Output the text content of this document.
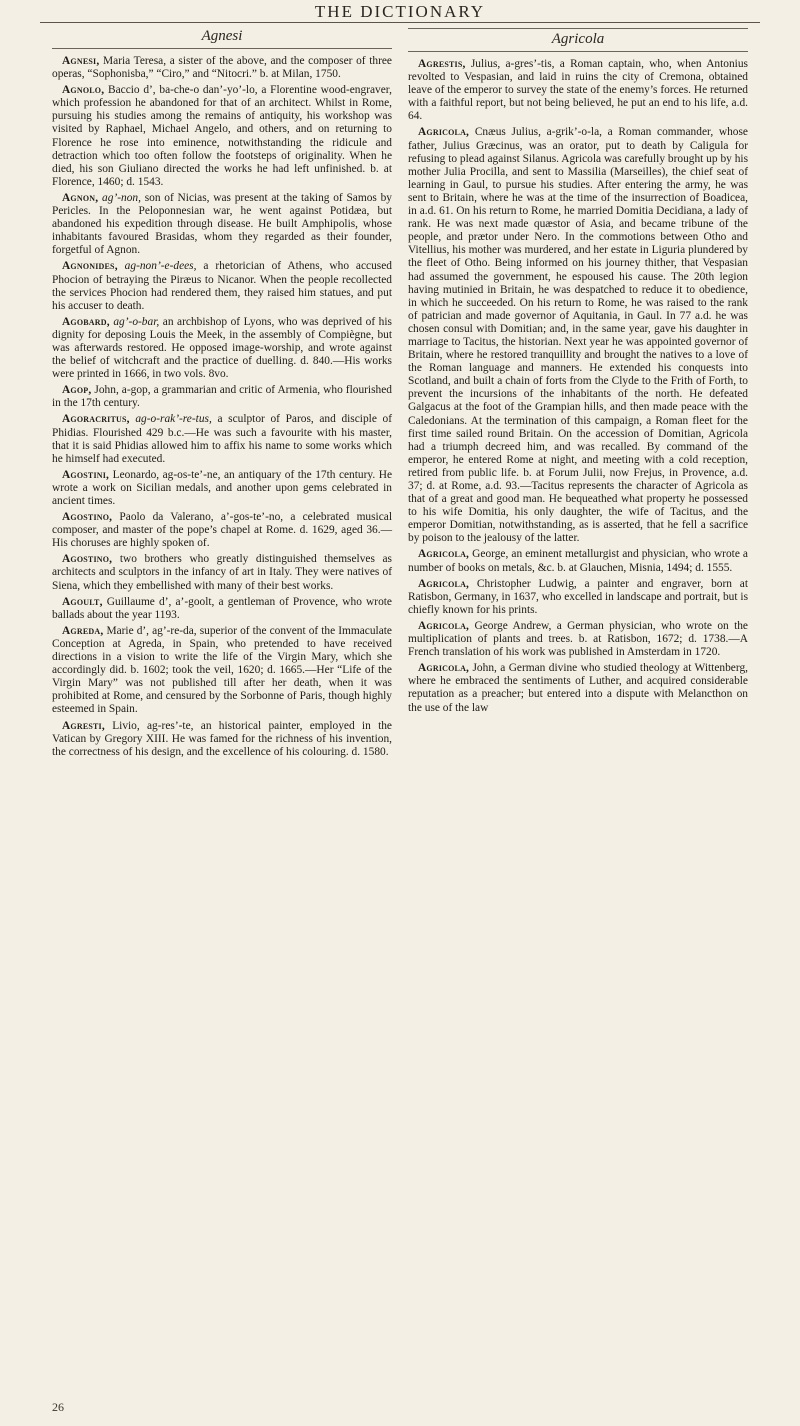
THE DICTIONARY
Agnesi

Agnesi, Maria Teresa, a sister of the above, and the composer of three operas, “Sophonisba,” “Ciro,” and “Nitocri.” b. at Milan, 1750.

Agnolo, Baccio d’, ba-che-o dan’-yo’-lo, a Florentine wood-engraver, which profession he abandoned for that of an architect. Whilst in Rome, pursuing his studies among the remains of antiquity, his workshop was visited by Raphael, Michael Angelo, and others, and on returning to Florence he rose into eminence, notwithstanding the ridicule and detraction which too often follow the footsteps of originality. When he died, his son Giuliano directed the works he had left unfinished. b. at Florence, 1460; d. 1543.

Agnon, ag’-non, son of Nicias, was present at the taking of Samos by Pericles. In the Peloponnesian war, he went against Potidæa, but abandoned his expedition through disease. He built Amphipolis, whose inhabitants favoured Brasidas, whom they regarded as their founder, forgetful of Agnon.

Agnonides, ag-non’-e-dees, a rhetorician of Athens, who accused Phocion of betraying the Piræus to Nicanor. When the people recollected the services Phocion had rendered them, they raised him statues, and put his accuser to death.

Agobard, ag’-o-bar, an archbishop of Lyons, who was deprived of his dignity for deposing Louis the Meek, in the assembly of Compiègne, but was afterwards restored. He opposed image-worship, and wrote against the belief of witchcraft and the practice of duelling. d. 840.—His works were printed in 1666, in two vols. 8vo.

Agop, John, a-gop, a grammarian and critic of Armenia, who flourished in the 17th century.

Agoracritus, ag-o-rak’-re-tus, a sculptor of Paros, and disciple of Phidias. Flourished 429 b.c.—He was such a favourite with his master, that it is said Phidias allowed him to affix his name to some works which he himself had executed.

Agostini, Leonardo, ag-os-te’-ne, an antiquary of the 17th century. He wrote a work on Sicilian medals, and another upon gems celebrated in ancient times.

Agostino, Paolo da Valerano, a’-gos-te’-no, a celebrated musical composer, and master of the pope’s chapel at Rome. d. 1629, aged 36.—His choruses are highly spoken of.

Agostino, two brothers who greatly distinguished themselves as architects and sculptors in the infancy of art in Italy. They were natives of Siena, which they embellished with many of their best works.

Agoult, Guillaume d’, a’-goolt, a gentleman of Provence, who wrote ballads about the year 1193.

Agreda, Marie d’, ag’-re-da, superior of the convent of the Immaculate Conception at Agreda, in Spain, who pretended to have received directions in a vision to write the life of the Virgin Mary, which she accordingly did. b. 1602; took the veil, 1620; d. 1665.—Her “Life of the Virgin Mary” was not published till after her death, when it was prohibited at Rome, and censured by the Sorbonne of Paris, though highly esteemed in Spain.

Agresti, Livio, ag-res’-te, an historical painter, employed in the Vatican by Gregory XIII. He was famed for the richness of his invention, the correctness of his design, and the excellence of his colouring. d. 1580.

Agricola

Agrestis, Julius, a-gres’-tis, a Roman captain, who, when Antonius revolted to Vespasian, and laid in ruins the city of Cremona, obtained leave of the emperor to survey the state of the enemy’s forces. He returned with a faithful report, but not being believed, he put an end to his life, a.d. 64.

Agricola, Cnæus Julius, a-grik’-o-la, a Roman commander, whose father, Julius Græcinus, was an orator, put to death by Caligula for refusing to plead against Silanus. Agricola was carefully brought up by his mother Julia Procilla, and sent to Massilia (Marseilles), the chief seat of learning in Gaul, to pursue his studies. After entering the army, he was sent to Britain, where he was at the time of the insurrection of Boadicea, in a.d. 61. On his return to Rome, he married Domitia Decidiana, a lady of rank. He was next made quæstor of Asia, and became tribune of the people, and prætor under Nero. In the commotions between Otho and Vitellius, his mother was murdered, and her estate in Liguria plundered by the fleet of Otho. Being informed on his journey thither, that Vespasian had assumed the government, he espoused his cause. The 20th legion having mutinied in Britain, he was despatched to reduce it to obedience, in which he succeeded. On his return to Rome, he was raised to the rank of patrician and made governor of Aquitania, in Gaul. In 77 a.d. he was chosen consul with Domitian; and, in the same year, gave his daughter in marriage to Tacitus, the historian. Next year he was appointed governor of Britain, where he restored tranquillity and brought the natives to a love of the Roman language and manners. He extended his conquests into Scotland, and built a chain of forts from the Clyde to the Frith of Forth, to prevent the incursions of the inhabitants of the north. He defeated Galgacus at the foot of the Grampian hills, and then made peace with the Caledonians. At the termination of this campaign, a Roman fleet for the first time sailed round Britain. On the accession of Domitian, Agricola had a triumph decreed him, and was recalled. By command of the emperor, he entered Rome at night, and meeting with a cold reception, retired from public life. b. at Forum Julii, now Frejus, in Provence, a.d. 37; d. at Rome, a.d. 93.—Tacitus represents the character of Agricola as that of a great and good man. He bequeathed what property he possessed to his wife Domitia, his only daughter, the wife of Tacitus, and the emperor Domitian, notwithstanding, as is asserted, that he fell a sacrifice by poison to the jealousy of the latter.

Agricola, George, an eminent metallurgist and physician, who wrote a number of books on metals, &c. b. at Glauchen, Misnia, 1494; d. 1555.

Agricola, Christopher Ludwig, a painter and engraver, born at Ratisbon, Germany, in 1637, who excelled in landscape and portrait, but is chiefly known for his prints.

Agricola, George Andrew, a German physician, who wrote on the multiplication of plants and trees. b. at Ratisbon, 1672; d. 1738.—A French translation of his work was published in Amsterdam in 1720.

Agricola, John, a German divine who studied theology at Wittenberg, where he embraced the sentiments of Luther, and acquired considerable reputation as a preacher; but entered into a dispute with Melancthon on the use of the law

26
